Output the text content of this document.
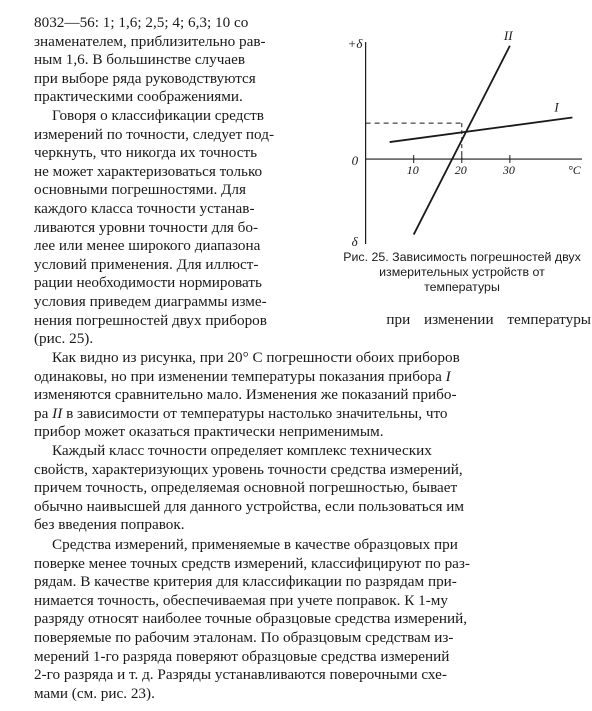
8032—56: 1; 1,6; 2,5; 4; 6,3; 10 со
знаменателем, приблизительно рав-
ным 1,6. В большинстве случаев
при выборе ряда руководствуются
практическими соображениями.

Говоря о классификации средств
измерений по точности, следует под-
черкнуть, что никогда их точность
не может характеризоваться только
основными погрешностями. Для
каждого класса точности устанав-
ливаются уровни точности для бо-
лее или менее широкого диапазона
условий применения. Для иллюст-
рации необходимости нормировать
условия приведем диаграммы изме-
нения погрешностей двух приборов	при изменении температуры
10	20	30
+δ
δ
0
°C
I
II
Рис. 25. Зависимость погрешностей двух измерительных устройств от температуры
(рис. 25).

Как видно из рисунка, при 20° С погрешности обоих приборов

одинаковы, но при изменении температуры показания прибора I
изменяются сравнительно мало. Изменения же показаний прибо-
ра II в зависимости от температуры настолько значительны, что
прибор может оказаться практически неприменимым.

Каждый класс точности определяет комплекс технических

свойств, характеризующих уровень точности средства измерений,
причем точность, определяемая основной погрешностью, бывает
обычно наивысшей для данного устройства, если пользоваться им
без введения поправок.

Средства измерений, применяемые в качестве образцовых при

поверке менее точных средств измерений, классифицируют по раз-
рядам. В качестве критерия для классификации по разрядам при-
нимается точность, обеспечиваемая при учете поправок. К 1-му
разряду относят наиболее точные образцовые средства измерений,
поверяемые по рабочим эталонам. По образцовым средствам из-
мерений 1-го разряда поверяют образцовые средства измерений
2-го разряда и т. д. Разряды устанавливаются поверочными схе-
мами (см. рис. 23).
